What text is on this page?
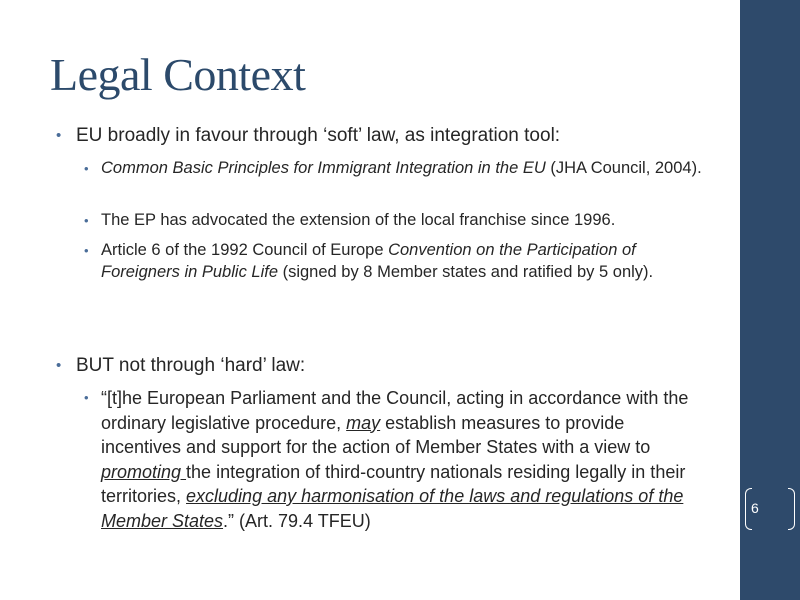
Legal Context
• EU broadly in favour through ‘soft’ law, as integration tool:
• Common Basic Principles for Immigrant Integration in the EU (JHA Council, 2004).
• The EP has advocated the extension of the local franchise since 1996.
• Article 6 of the 1992 Council of Europe Convention on the Participation of Foreigners in Public Life (signed by 8 Member states and ratified by 5 only).
• BUT not through ‘hard’ law:
• “[t]he European Parliament and the Council, acting in accordance with the ordinary legislative procedure, may establish measures to provide incentives and support for the action of Member States with a view to promoting the integration of third-country nationals residing legally in their territories, excluding any harmonisation of the laws and regulations of the Member States.” (Art. 79.4 TFEU)
6
